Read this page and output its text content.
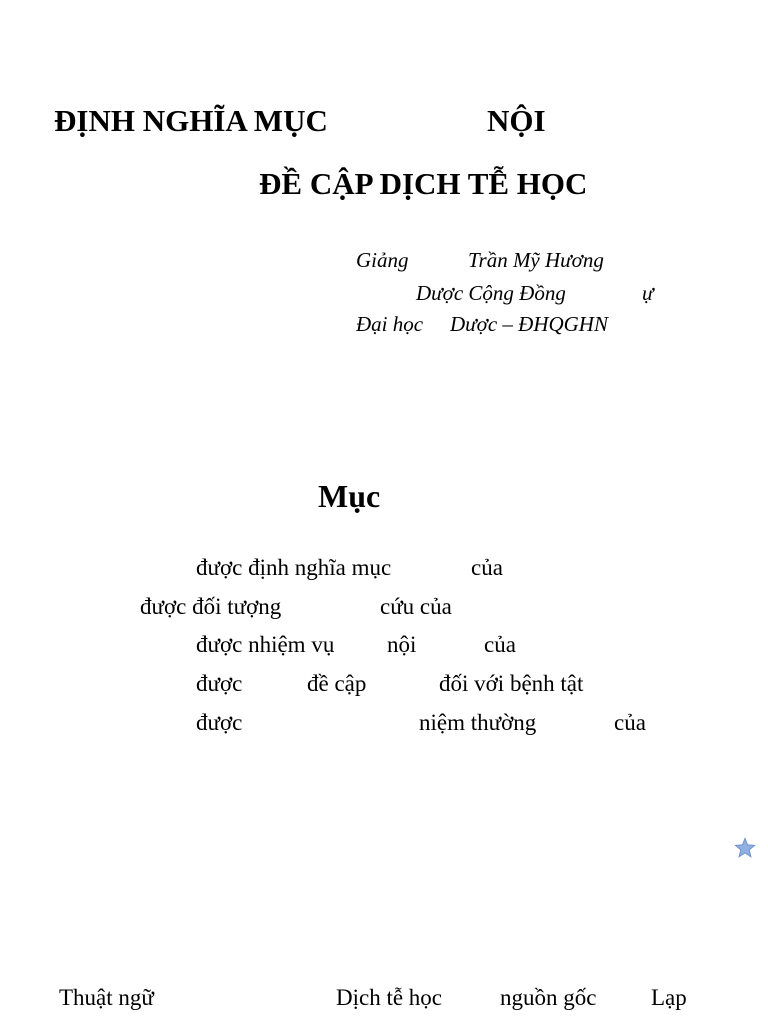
ĐỊNH NGHĨA MỤC	NỘI
ĐỀ CẬP DỊCH TỄ HỌC
Giảng	Trần Mỹ Hương
Dược Cộng Đồng	ự
Đại học Dược – ĐHQGHN
Mục
được định nghĩa mục	của
được đối tượng	cứu của
được nhiệm vụ nội	của
được	đề cập	đối với bệnh tật
được	niệm thường	của
Thuật ngữ	Dịch tễ học	nguồn gốc Lạp
